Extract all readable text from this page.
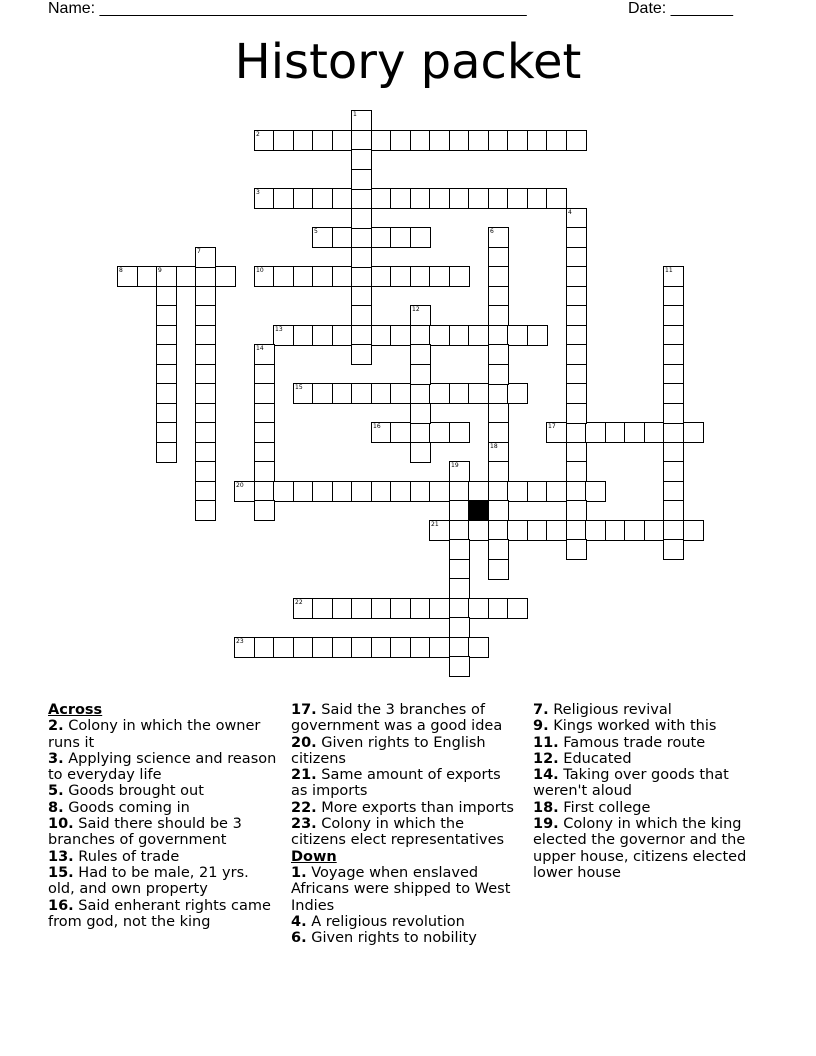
Name: ________________________________________________	Date: _______
History packet
2
3
5
8	9	10
13
15
16	17
20
21
22
23
1
4
6
18
7
11
12
14
19
Across

2. Colony in which the owner runs it

3. Applying science and reason to everyday life

5. Goods brought out

8. Goods coming in

10. Said there should be 3 branches of government

13. Rules of trade

15. Had to be male, 21 yrs. old, and own property

16. Said enherant rights came from god, not the king

17. Said the 3 branches of government was a good idea

20. Given rights to English citizens

21. Same amount of exports as imports

22. More exports than imports

23. Colony in which the citizens elect representatives

Down

1. Voyage when enslaved Africans were shipped to West Indies

4. A religious revolution

6. Given rights to nobility

7. Religious revival

9. Kings worked with this

11. Famous trade route

12. Educated

14. Taking over goods that weren't aloud

18. First college

19. Colony in which the king elected the governor and the upper house, citizens elected lower house
